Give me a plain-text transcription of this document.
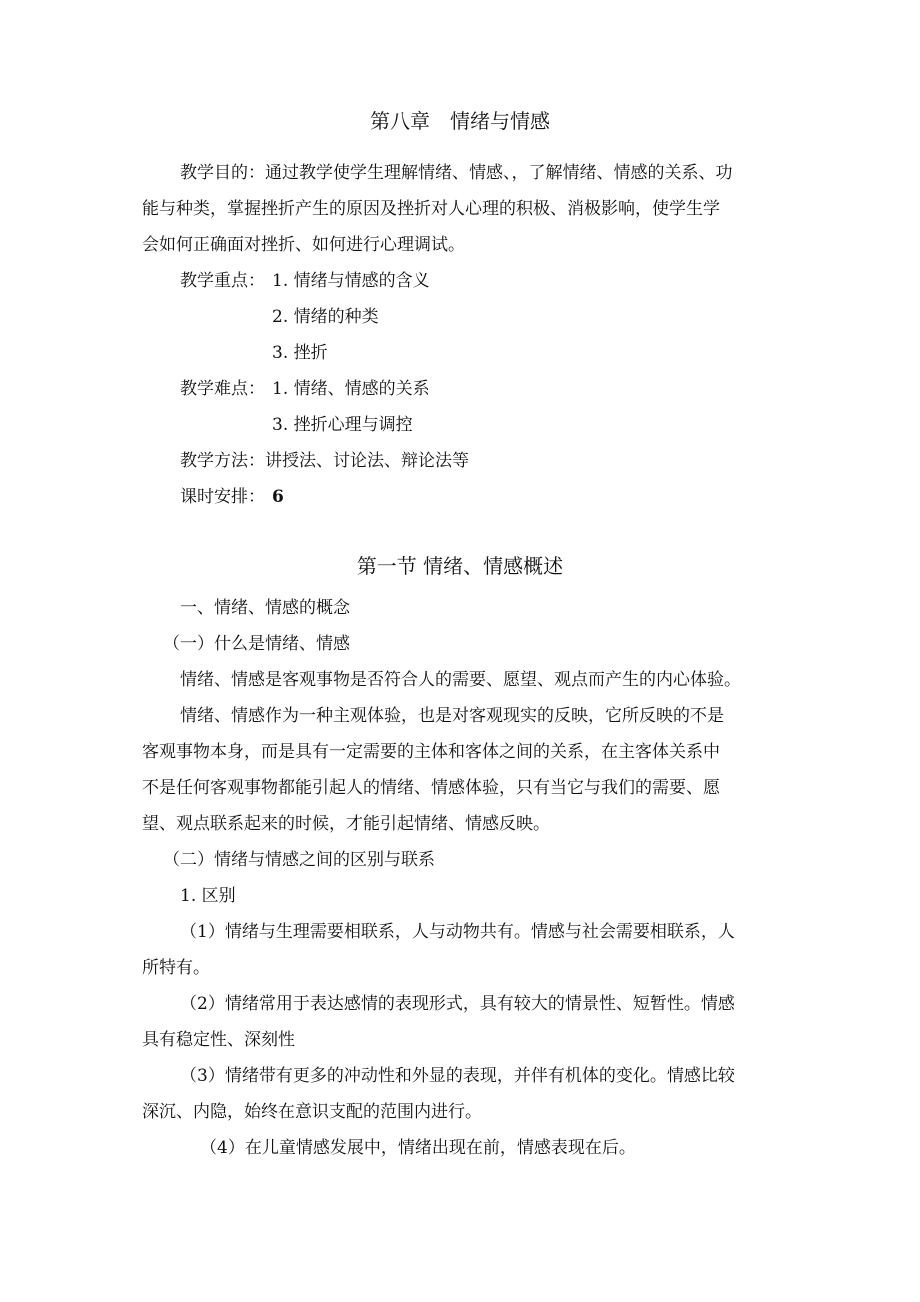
第八章　情绪与情感
教学目的：通过教学使学生理解情绪、情感、，了解情绪、情感的关系、功
能与种类，掌握挫折产生的原因及挫折对人心理的积极、消极影响，使学生学
会如何正确面对挫折、如何进行心理调试。
教学重点： 1. 情绪与情感的含义
2. 情绪的种类
3. 挫折
教学难点： 1. 情绪、情感的关系
3. 挫折心理与调控
教学方法：讲授法、讨论法、辩论法等
课时安排： 6
第一节 情绪、情感概述
一、情绪、情感的概念
（一）什么是情绪、情感
情绪、情感是客观事物是否符合人的需要、愿望、观点而产生的内心体验。
情绪、情感作为一种主观体验，也是对客观现实的反映，它所反映的不是
客观事物本身，而是具有一定需要的主体和客体之间的关系，在主客体关系中
不是任何客观事物都能引起人的情绪、情感体验，只有当它与我们的需要、愿
望、观点联系起来的时候，才能引起情绪、情感反映。
（二）情绪与情感之间的区别与联系
1. 区别
（1）情绪与生理需要相联系，人与动物共有。情感与社会需要相联系，人
所特有。
（2）情绪常用于表达感情的表现形式，具有较大的情景性、短暂性。情感
具有稳定性、深刻性
（3）情绪带有更多的冲动性和外显的表现，并伴有机体的变化。情感比较
深沉、内隐，始终在意识支配的范围内进行。
（4）在儿童情感发展中，情绪出现在前，情感表现在后。
